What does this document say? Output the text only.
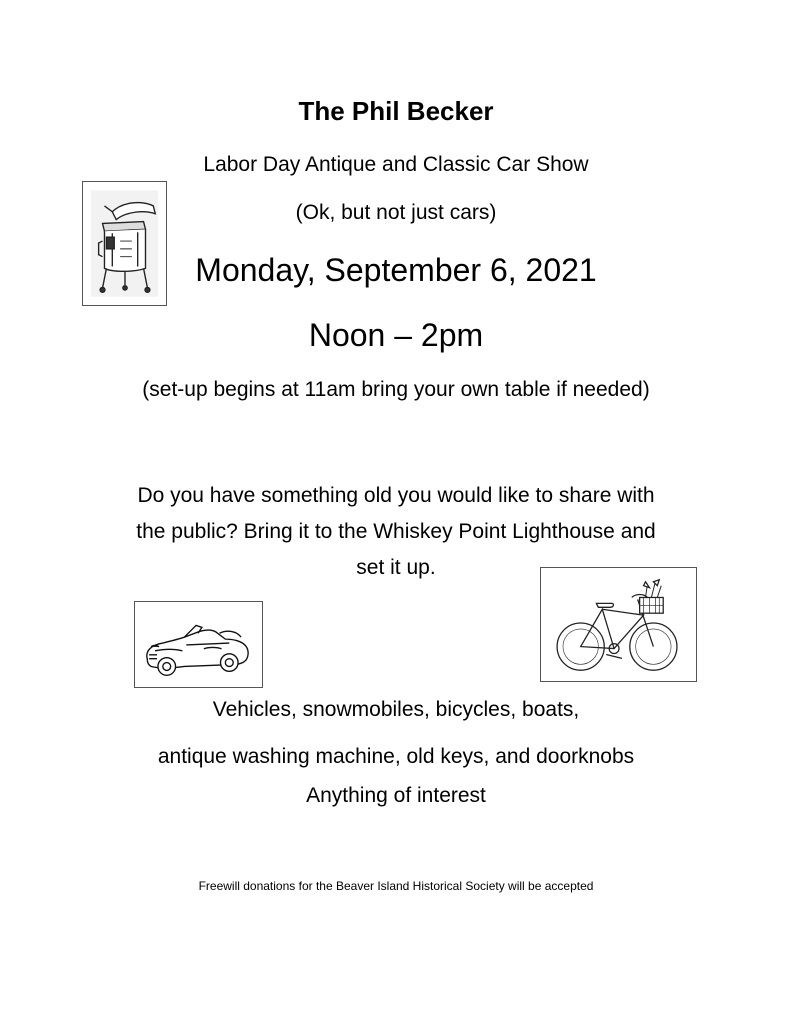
The Phil Becker
Labor Day Antique and Classic Car Show
(Ok, but not just cars)
Monday, September 6, 2021
Noon – 2pm
(set-up begins at 11am bring your own table if needed)
Do you have something old you would like to share with
the public? Bring it to the Whiskey Point Lighthouse and
set it up.
Vehicles, snowmobiles, bicycles, boats,
antique washing machine, old keys, and doorknobs
Anything of interest
Freewill donations for the Beaver Island Historical Society will be accepted
